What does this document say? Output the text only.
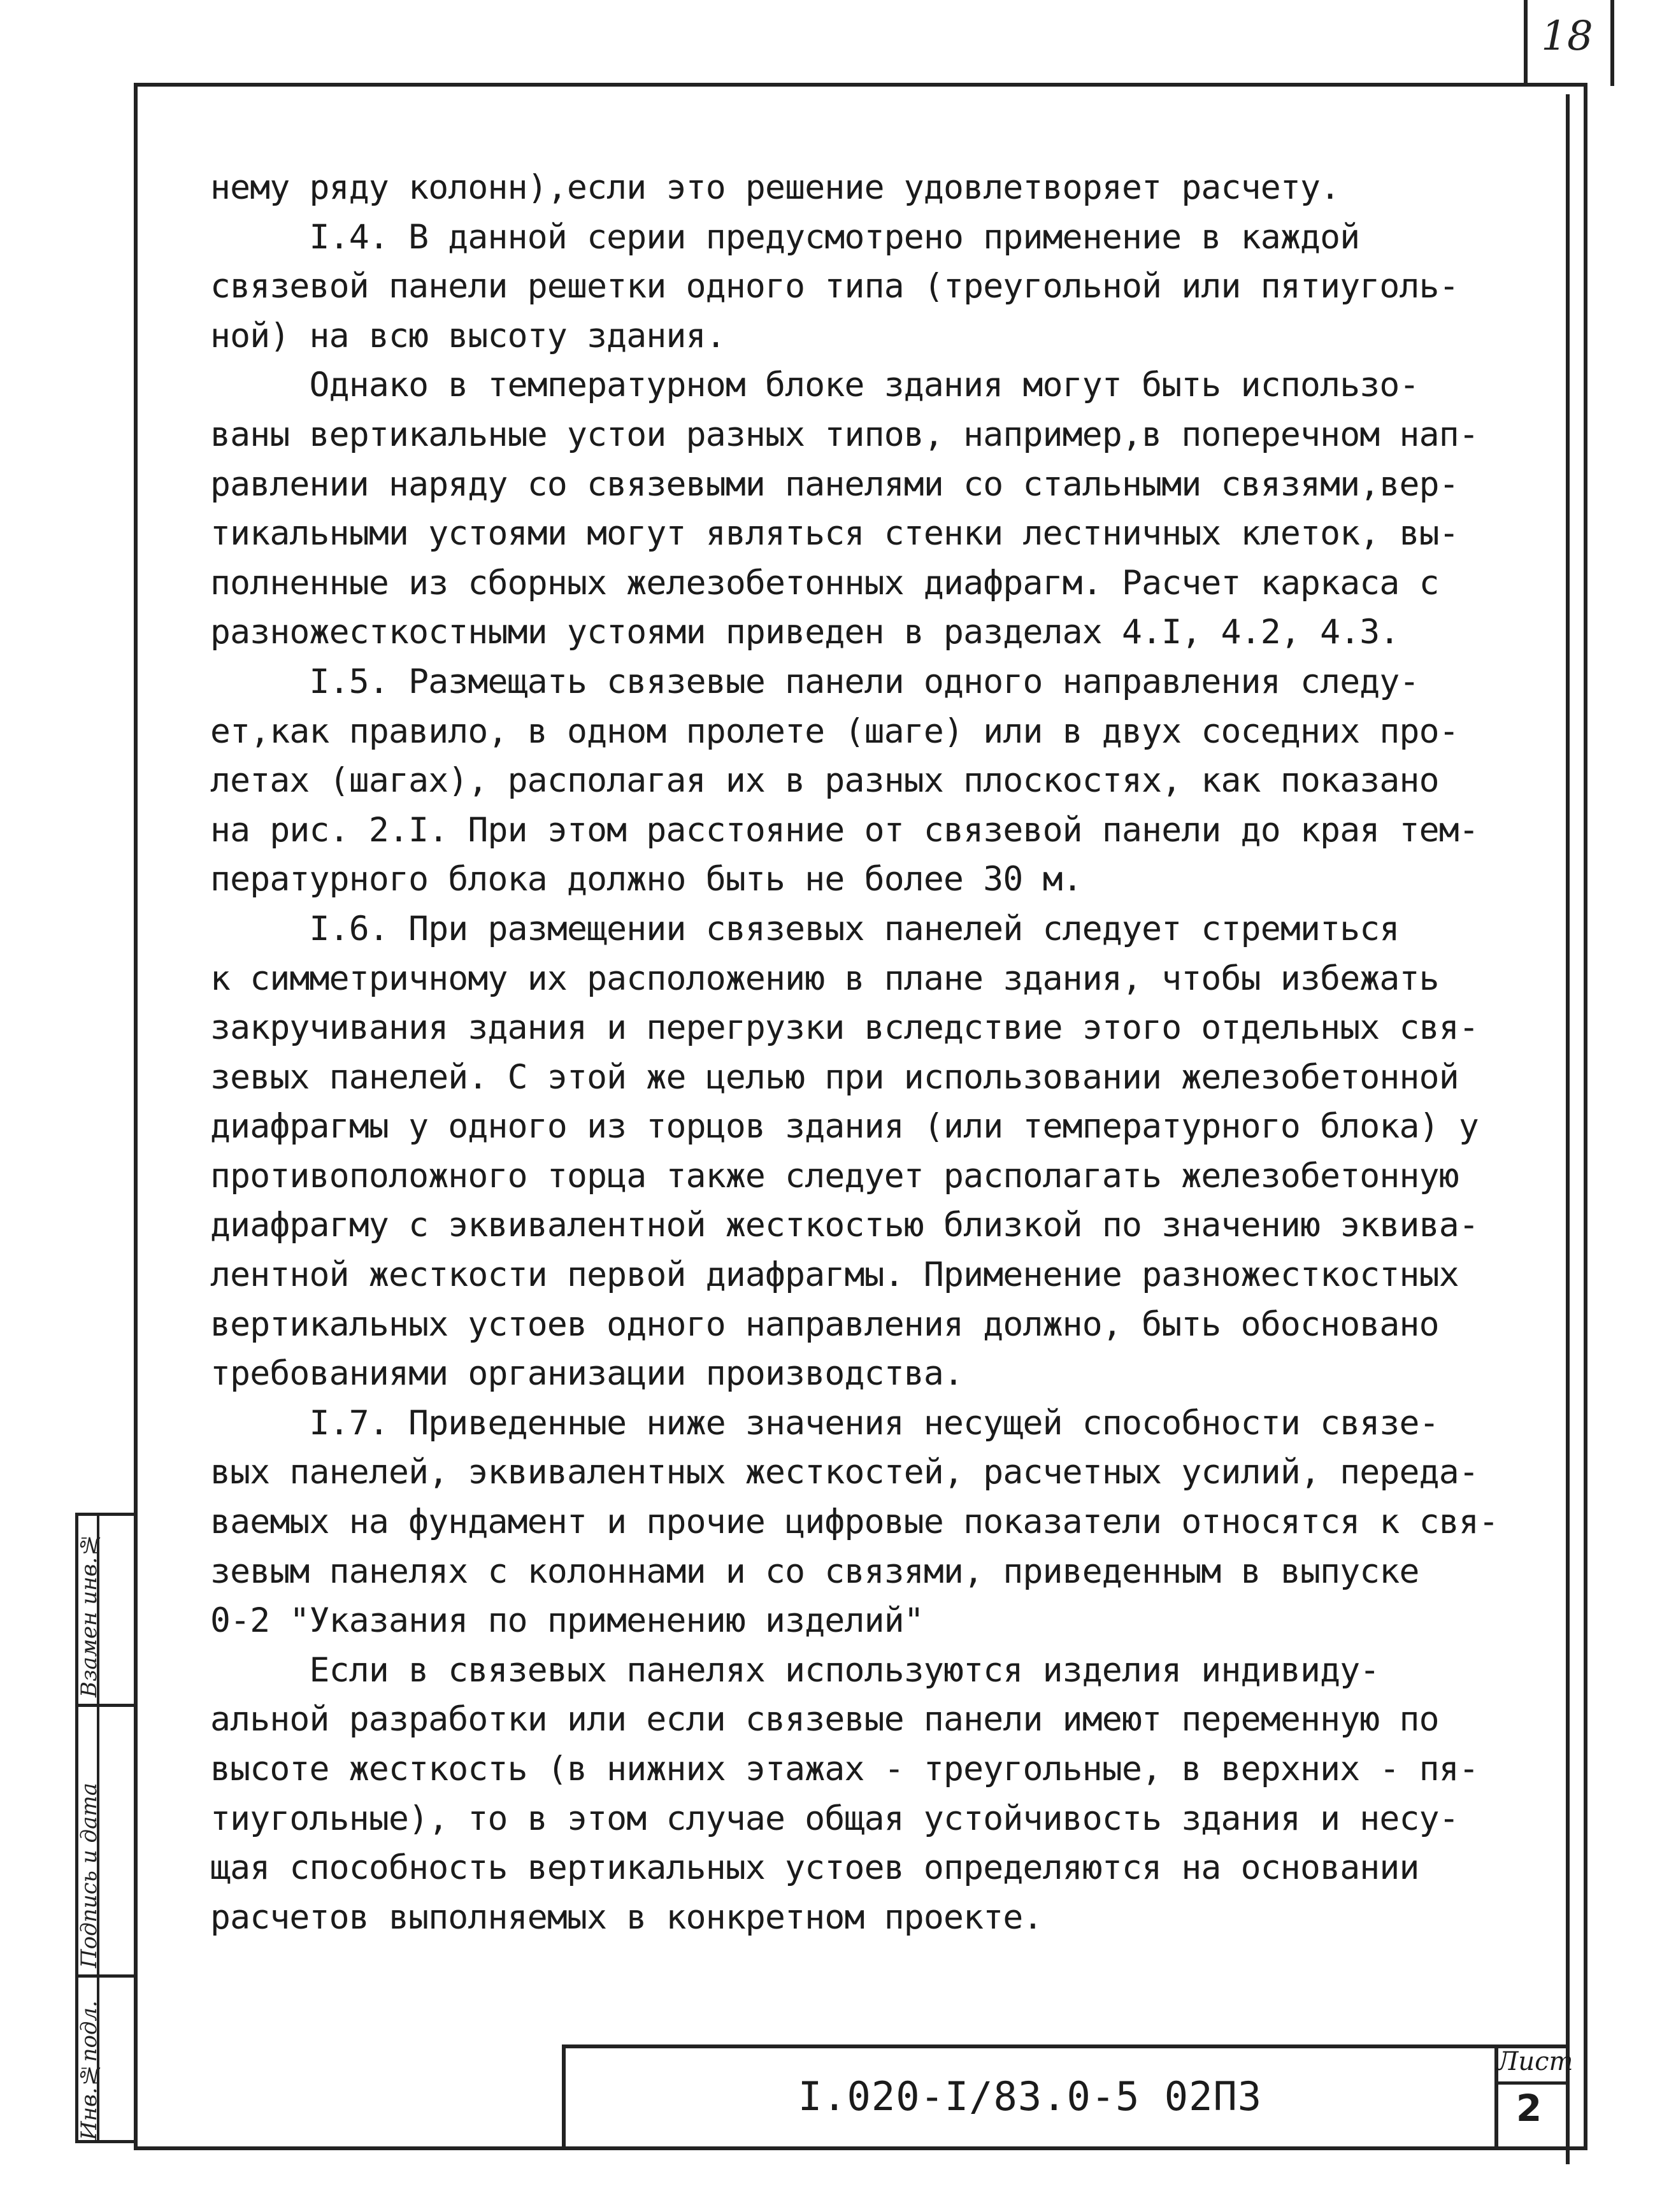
18
Взамен инв.№
Подпись и дата
Инв.№подл.
нему ряду колонн),если это решение удовлетворяет расчету.
I.4. В данной серии предусмотрено применение в каждой
связевой панели решетки одного типа (треугольной или пятиуголь-
ной) на всю высоту здания.
Однако в температурном блоке здания могут быть использо-
ваны вертикальные устои разных типов, например,в поперечном нап-
равлении наряду со связевыми панелями со стальными связями,вер-
тикальными устоями могут являться стенки лестничных клеток, вы-
полненные из сборных железобетонных диафрагм. Расчет каркаса с
разножесткостными устоями приведен в разделах 4.I, 4.2, 4.3.
I.5. Размещать связевые панели одного направления следу-
ет,как правило, в одном пролете (шаге) или в двух соседних про-
летах (шагах), располагая их в разных плоскостях, как показано
на рис. 2.I. При этом расстояние от связевой панели до края тем-
пературного блока должно быть не более 30 м.
I.6. При размещении связевых панелей следует стремиться
к симметричному их расположению в плане здания, чтобы избежать
закручивания здания и перегрузки вследствие этого отдельных свя-
зевых панелей. С этой же целью при использовании железобетонной
диафрагмы у одного из торцов здания (или температурного блока) у
противоположного торца также следует располагать железобетонную
диафрагму с эквивалентной жесткостью близкой по значению эквива-
лентной жесткости первой диафрагмы. Применение разножесткостных
вертикальных устоев одного направления должно, быть обосновано
требованиями организации производства.
I.7. Приведенные ниже значения несущей способности связе-
вых панелей, эквивалентных жесткостей, расчетных усилий, переда-
ваемых на фундамент и прочие цифровые показатели относятся к свя-
зевым панелях с колоннами и со связями, приведенным в выпуске
0-2 "Указания по применению изделий"
Если в связевых панелях используются изделия индивиду-
альной разработки или если связевые панели имеют переменную по
высоте жесткость (в нижних этажах - треугольные, в верхних - пя-
тиугольные), то в этом случае общая устойчивость здания и несу-
щая способность вертикальных устоев определяются на основании
расчетов выполняемых в конкретном проекте.
I.020-I/83.0-5 02ПЗ
Лист
2
